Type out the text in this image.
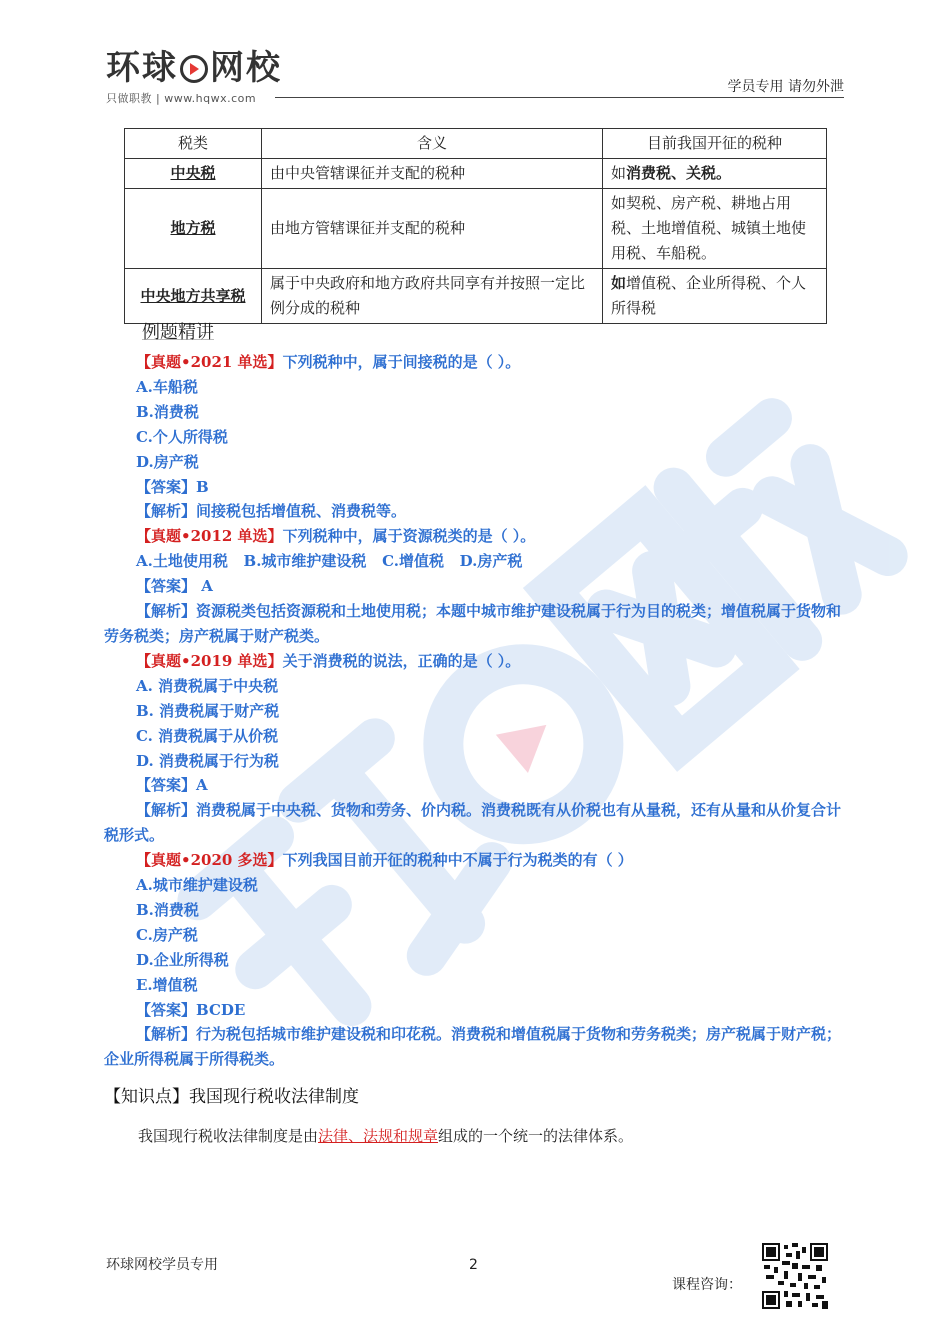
环球 网校
只做职教 | www.hqwx.com
学员专用 请勿外泄
税类	含义	目前我国开征的税种
中央税	由中央管辖课征并支配的税种	如消费税、关税。
地方税	由地方管辖课征并支配的税种	如契税、房产税、耕地占用税、土地增值税、城镇土地使用税、车船税。
中央地方共享税	属于中央政府和地方政府共同享有并按照一定比例分成的税种	如增值税、企业所得税、个人所得税
例题精讲
【真题•2021 单选】下列税种中，属于间接税的是（ ）。
A.车船税
B.消费税
C.个人所得税
D.房产税
【答案】B
【解析】间接税包括增值税、消费税等。
【真题•2012 单选】下列税种中，属于资源税类的是（ ）。
A.土地使用税   B.城市维护建设税   C.增值税   D.房产税
【答案】 A
【解析】资源税类包括资源税和土地使用税；本题中城市维护建设税属于行为目的税类；增值税属于货物和劳务税类；房产税属于财产税类。
【真题•2019 单选】关于消费税的说法，正确的是（ ）。
A. 消费税属于中央税
B. 消费税属于财产税
C. 消费税属于从价税
D. 消费税属于行为税
【答案】A
【解析】消费税属于中央税、货物和劳务、价内税。消费税既有从价税也有从量税，还有从量和从价复合计税形式。
【真题•2020 多选】下列我国目前开征的税种中不属于行为税类的有（ ）
A.城市维护建设税
B.消费税
C.房产税
D.企业所得税
E.增值税
【答案】BCDE
【解析】行为税包括城市维护建设税和印花税。消费税和增值税属于货物和劳务税类；房产税属于财产税；企业所得税属于所得税类。
【知识点】我国现行税收法律制度
我国现行税收法律制度是由法律、法规和规章组成的一个统一的法律体系。
环球网校学员专用	2
课程咨询：
